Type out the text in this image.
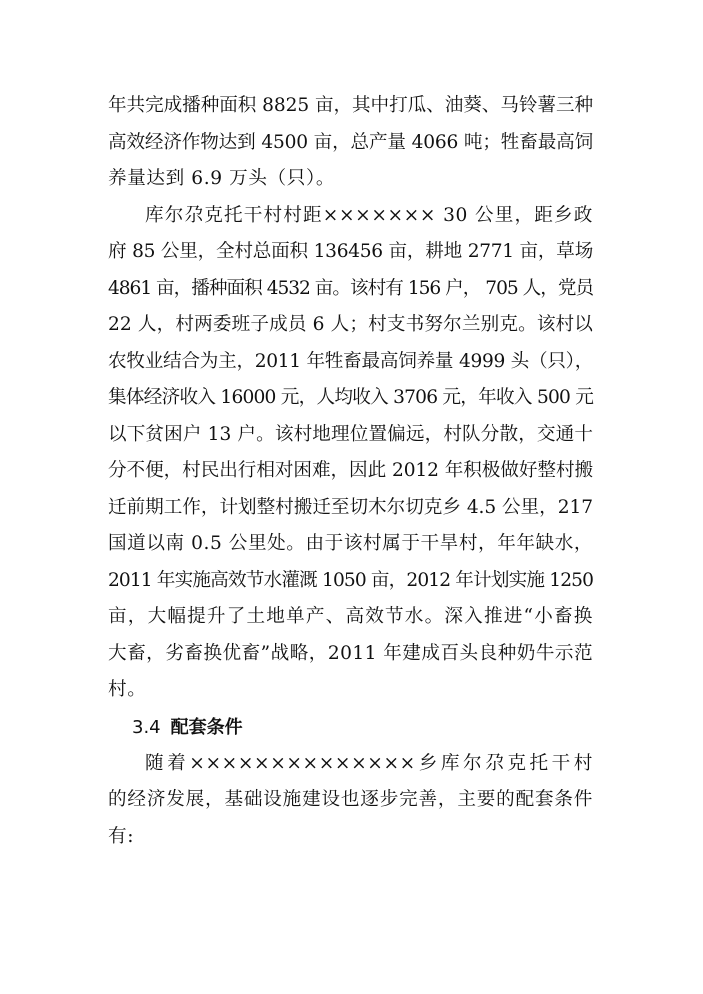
年共完成播种面积 8825 亩，其中打瓜、油葵、马铃薯三种
高效经济作物达到 4500 亩，总产量 4066 吨；牲畜最高饲
养量达到 6.9 万头（只）。
库尔尕克托干村村距××××××× 30 公里，距乡政
府 85 公里，全村总面积 136456 亩，耕地 2771 亩，草场
4861 亩，播种面积 4532 亩。该村有 156 户， 705 人，党员
22 人，村两委班子成员 6 人；村支书努尔兰别克。该村以
农牧业结合为主，2011 年牲畜最高饲养量 4999 头（只），
集体经济收入 16000 元，人均收入 3706 元，年收入 500 元
以下贫困户 13 户。该村地理位置偏远，村队分散，交通十
分不便，村民出行相对困难，因此 2012 年积极做好整村搬
迁前期工作，计划整村搬迁至切木尔切克乡 4.5 公里，217
国道以南 0.5 公里处。由于该村属于干旱村，年年缺水，
2011 年实施高效节水灌溉 1050 亩，2012 年计划实施 1250
亩，大幅提升了土地单产、高效节水。深入推进“小畜换
大畜，劣畜换优畜”战略，2011 年建成百头良种奶牛示范
村。
3.4 配套条件
随着××××××××××××××乡库尔尕克托干村
的经济发展，基础设施建设也逐步完善，主要的配套条件
有:
